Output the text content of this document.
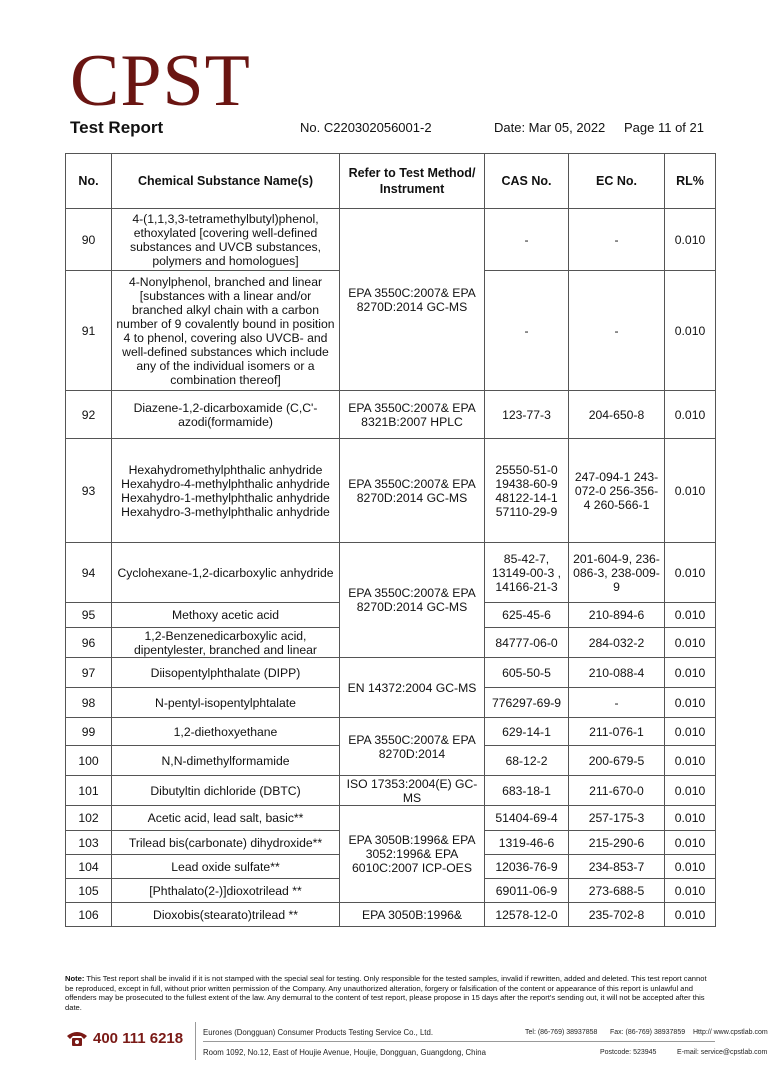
CPST
Test Report	No. C220302056001-2	Date: Mar 05, 2022 Page 11 of 21
No.	Chemical Substance Name(s)	Refer to Test Method/ Instrument	CAS No.	EC No.	RL%
90	4-(1,1,3,3-tetramethylbutyl)phenol, ethoxylated [covering well-defined substances and UVCB substances, polymers and homologues]	EPA 3550C:2007& EPA 8270D:2014 GC-MS	-	-	0.010
91	4-Nonylphenol, branched and linear [substances with a linear and/or branched alkyl chain with a carbon number of 9 covalently bound in position 4 to phenol, covering also UVCB- and well-defined substances which include any of the individual isomers or a combination thereof]		-	-	0.010
92	Diazene-1,2-dicarboxamide (C,C'-azodi(formamide)	EPA 3550C:2007& EPA 8321B:2007 HPLC	123-77-3	204-650-8	0.010
93	Hexahydromethylphthalic anhydride Hexahydro-4-methylphthalic anhydride Hexahydro-1-methylphthalic anhydride Hexahydro-3-methylphthalic anhydride	EPA 3550C:2007& EPA 8270D:2014 GC-MS	25550-51-0 19438-60-9 48122-14-1 57110-29-9	247-094-1 243-072-0 256-356-4 260-566-1	0.010
94	Cyclohexane-1,2-dicarboxylic anhydride	EPA 3550C:2007& EPA 8270D:2014 GC-MS	85-42-7, 13149-00-3 , 14166-21-3	201-604-9, 236-086-3, 238-009-9	0.010
95	Methoxy acetic acid		625-45-6	210-894-6	0.010
96	1,2-Benzenedicarboxylic acid, dipentylester, branched and linear		84777-06-0	284-032-2	0.010
97	Diisopentylphthalate (DIPP)	EN 14372:2004 GC-MS	605-50-5	210-088-4	0.010
98	N-pentyl-isopentylphtalate		776297-69-9	-	0.010
99	1,2-diethoxyethane	EPA 3550C:2007& EPA 8270D:2014	629-14-1	211-076-1	0.010
100	N,N-dimethylformamide		68-12-2	200-679-5	0.010
101	Dibutyltin dichloride (DBTC)	ISO 17353:2004(E) GC-MS	683-18-1	211-670-0	0.010
102	Acetic acid, lead salt, basic**	EPA 3050B:1996& EPA 3052:1996& EPA 6010C:2007 ICP-OES	51404-69-4	257-175-3	0.010
103	Trilead bis(carbonate) dihydroxide**		1319-46-6	215-290-6	0.010
104	Lead oxide sulfate**		12036-76-9	234-853-7	0.010
105	[Phthalato(2-)]dioxotrilead **		69011-06-9	273-688-5	0.010
106	Dioxobis(stearato)trilead **	EPA 3050B:1996&	12578-12-0	235-702-8	0.010
Note: This Test report shall be invalid if it is not stamped with the special seal for testing. Only responsible for the tested samples, invalid if rewritten, added and deleted. This test report cannot be reproduced, except in full, without prior written permission of the Company. Any unauthorized alteration, forgery or falsification of the content or appearance of this report is unlawful and offenders may be prosecuted to the fullest extent of the law. Any demurral to the content of test report, please propose in 15 days after the report's sending out, it will not be accepted after this date.
400 111 6218	Eurones (Dongguan) Consumer Products Testing Service Co., Ltd.	Tel: (86-769) 38937858 Fax: (86-769) 38937859 Http:// www.cpstlab.com
Room 1092, No.12, East of Houjie Avenue, Houjie, Dongguan, Guangdong, China	Postcode: 523945	E-mail: service@cpstlab.com
